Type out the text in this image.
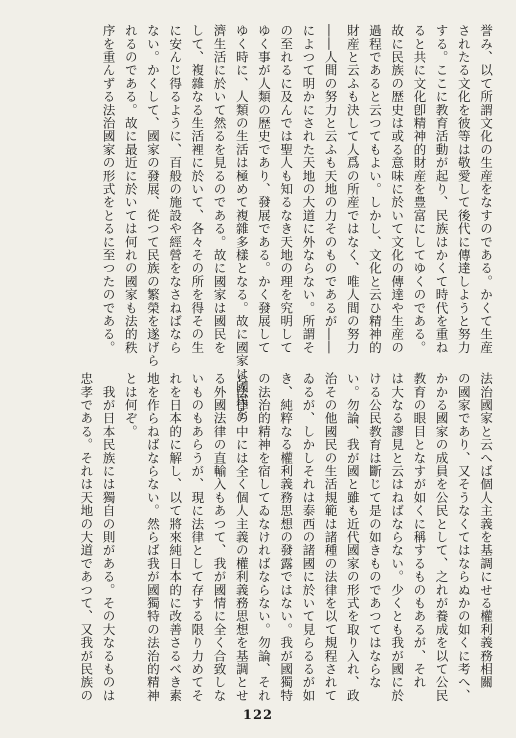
誉み、以て所謂文化の生産をなすのである。かくて生産

されたる文化を彼等は敬愛して後代に傳達しようと努力

する。ここに教育活動が起り、民族はかくて時代を重ね

ると共に文化卽精神的財産を豊富にしてゆくのである。

故に民族の歴史は或る意味に於いて文化の傳達や生産の

過程であると云つてもよい。しかし、文化と云ひ精神的

財産と云ふも決して人爲の所産ではなく、唯人間の努力

――人間の努力と云ふも天地の力そのものであるが――

によつて明かにされた天地の大道に外ならない。所謂そ

の至れるに及んでは聖人も知るなき天地の理を究明して

ゆく事が人類の歴史であり、發展である。かく發展して

ゆく時に、人類の生活は極めて複雜多樣となる。故に國家は國民を

濟生活に於いて然るを見るのである。故に國家は國民を

して、複雜なる生活裡に於いて、各々その所を得その生

に安んじ得るように、百般の施設や經營をなさねばなら

ない。かくして、國家の發展、從つて民族の繁榮を遂げら

れるのである。故に最近に於いては何れの國家も法的秩

序を重んずる法治國家の形式をとるに至つたのである。

法治國家と云へば個人主義を基調にせる權利義務相關

の國家であり、又そうなくてはならぬかの如くに考へ、

かかる國家の成員を公民として、之れが養成を以て公民

教育の眼目となすが如くに稱するものもあるが、それ

は大なる謬見と云はねばならない。少くとも我が國に於

ける公民教育は斷じて是の如きものであつてはならな

い。勿論、我が國と雖も近代國家の形式を取り入れ、政

治その他國民の生活規範は諸種の法律を以て規程されて

ゐるが、しかしそれは泰西の諸國に於いて見らるるが如

き、純粹なる權利義務思想の發露ではない。我が國獨特

の法治的精神を宿してゐなければならない。勿論、それ

ら法律の中には全く個人主義の權利義務思想を基調とせ

る外國法律の直輸入もあつて、我が國情に全く合致しな

いものもあらうが、現に法律として存する限り力めてそ

れを日本的に解し、以て將來純日本的に改善さるべき素

地を作らねばならない。然らば我が國獨特の法治的精神

とは何ぞ。

　我が日本民族には獨自の則がある。その大なるものは

忠孝である。それは天地の大道であつて、又我が民族の

122
